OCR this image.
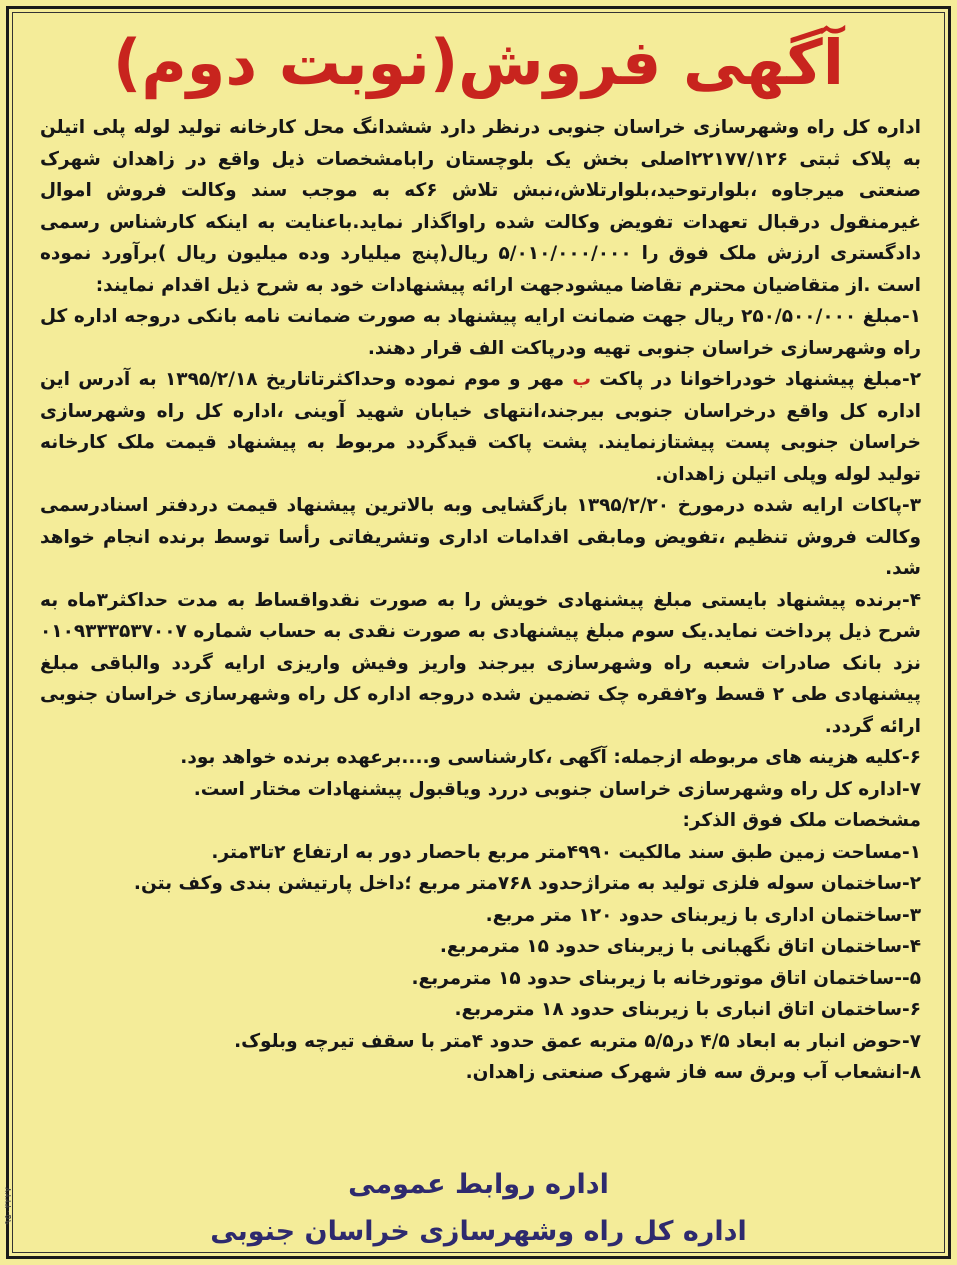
آگهی فروش(نوبت دوم)

اداره کل راه وشهرسازی خراسان جنوبی درنظر دارد ششدانگ محل کارخانه تولید لوله پلی اتیلن به پلاک ثبتی ۲۲۱۷۷/۱۲۶اصلی بخش یک بلوچستان رابامشخصات ذیل واقع در زاهدان شهرک صنعتی میرجاوه ،بلوارتوحید،بلوارتلاش،نبش تلاش ۶که به موجب سند وکالت فروش اموال غیرمنقول درقبال تعهدات تفویض وکالت شده راواگذار نماید.باعنایت به اینکه کارشناس رسمی دادگستری ارزش ملک فوق را ۵/۰۱۰/۰۰۰/۰۰۰ ریال(پنج میلیارد وده میلیون ریال )برآورد نموده است .از متقاضیان محترم تقاضا میشودجهت ارائه پیشنهادات خود به شرح ذیل اقدام نمایند:

۱-مبلغ ۲۵۰/۵۰۰/۰۰۰ ریال جهت ضمانت ارایه پیشنهاد به صورت ضمانت نامه بانکی دروجه اداره کل راه وشهرسازی خراسان جنوبی تهیه ودرپاکت الف قرار دهند.

۲-مبلغ پیشنهاد خودراخوانا در پاکت ب مهر و موم نموده وحداکثرتاتاریخ ۱۳۹۵/۲/۱۸ به آدرس این اداره کل واقع درخراسان جنوبی بیرجند،انتهای خیابان شهید آوینی ،اداره کل راه وشهرسازی خراسان جنوبی پست پیشتازنمایند. پشت پاکت قیدگردد مربوط به پیشنهاد قیمت ملک کارخانه تولید لوله وپلی اتیلن زاهدان.

۳-پاکات ارایه شده درمورخ ۱۳۹۵/۲/۲۰ بازگشایی وبه بالاترین پیشنهاد قیمت دردفتر اسنادرسمی وکالت فروش تنظیم ،تفویض ومابقی اقدامات اداری وتشریفاتی رأسا توسط برنده انجام خواهد شد.

۴-برنده پیشنهاد بایستی مبلغ پیشنهادی خویش را به صورت نقدواقساط به مدت حداکثر۳ماه به شرح ذیل پرداخت نماید.یک سوم مبلغ پیشنهادی به صورت نقدی به حساب شماره ۰۱۰۹۳۳۳۵۳۷۰۰۷ نزد بانک صادرات شعبه راه وشهرسازی بیرجند واریز وفیش واریزی ارایه گردد والباقی مبلغ پیشنهادی طی ۲ قسط و۲فقره چک تضمین شده دروجه اداره کل راه وشهرسازی خراسان جنوبی ارائه گردد.

۶-کلیه هزینه های مربوطه ازجمله: آگهی ،کارشناسی و....برعهده برنده خواهد بود.

۷-اداره کل راه وشهرسازی خراسان جنوبی دررد وياقبول پیشنهادات مختار است.

مشخصات ملک فوق الذکر:

۱-مساحت زمین طبق سند مالکیت ۴۹۹۰متر مربع باحصار دور به ارتفاع ۲تا۳متر.

۲-ساختمان سوله فلزی تولید به متراژحدود ۷۶۸متر مربع ؛داخل پارتیشن بندی وکف بتن.

۳-ساختمان اداری با زیربنای حدود ۱۲۰ متر مربع.

۴-ساختمان اتاق نگهبانی با زیربنای حدود ۱۵ مترمربع.

۵--ساختمان اتاق موتورخانه با زیربنای حدود ۱۵ مترمربع.

۶-ساختمان اتاق انباری با زیربنای حدود ۱۸ مترمربع.

۷-حوض انبار به ابعاد ۴/۵ در۵/۵ متربه عمق حدود ۴متر با سقف تیرچه وبلوک.

۸-انشعاب آب وبرق سه فاز شهرک صنعتی زاهدان.

اداره روابط عمومی
اداره کل راه وشهرسازی خراسان جنوبی
۹۵۰۳۲۲۷
